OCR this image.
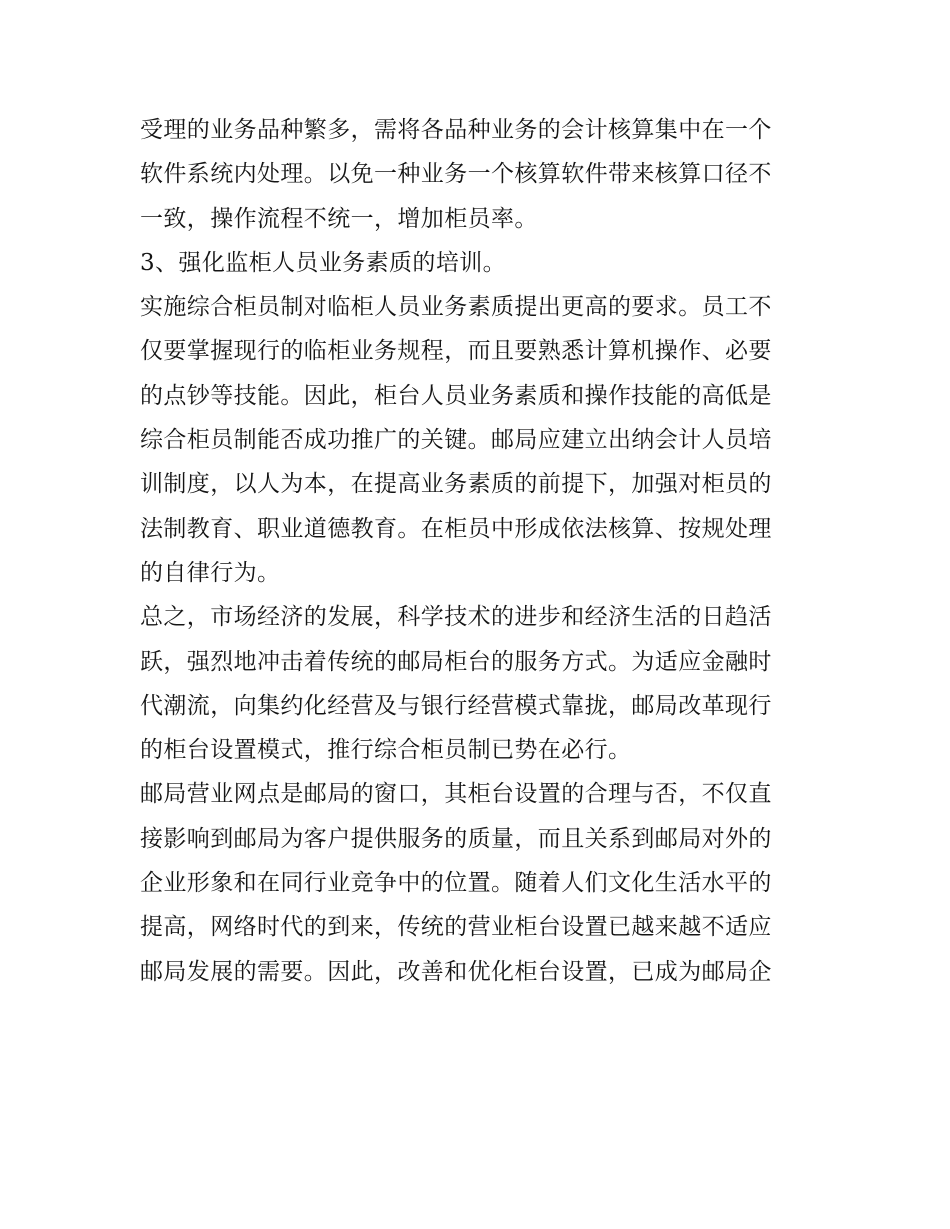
受理的业务品种繁多，需将各品种业务的会计核算集中在一个
软件系统内处理。以免一种业务一个核算软件带来核算口径不
一致，操作流程不统一，增加柜员率。
3、强化监柜人员业务素质的培训。
实施综合柜员制对临柜人员业务素质提出更高的要求。员工不
仅要掌握现行的临柜业务规程，而且要熟悉计算机操作、必要
的点钞等技能。因此，柜台人员业务素质和操作技能的高低是
综合柜员制能否成功推广的关键。邮局应建立出纳会计人员培
训制度，以人为本，在提高业务素质的前提下，加强对柜员的
法制教育、职业道德教育。在柜员中形成依法核算、按规处理
的自律行为。
总之，市场经济的发展，科学技术的进步和经济生活的日趋活
跃，强烈地冲击着传统的邮局柜台的服务方式。为适应金融时
代潮流，向集约化经营及与银行经营模式靠拢，邮局改革现行
的柜台设置模式，推行综合柜员制已势在必行。
邮局营业网点是邮局的窗口，其柜台设置的合理与否，不仅直
接影响到邮局为客户提供服务的质量，而且关系到邮局对外的
企业形象和在同行业竞争中的位置。随着人们文化生活水平的
提高，网络时代的到来，传统的营业柜台设置已越来越不适应
邮局发展的需要。因此，改善和优化柜台设置，已成为邮局企
